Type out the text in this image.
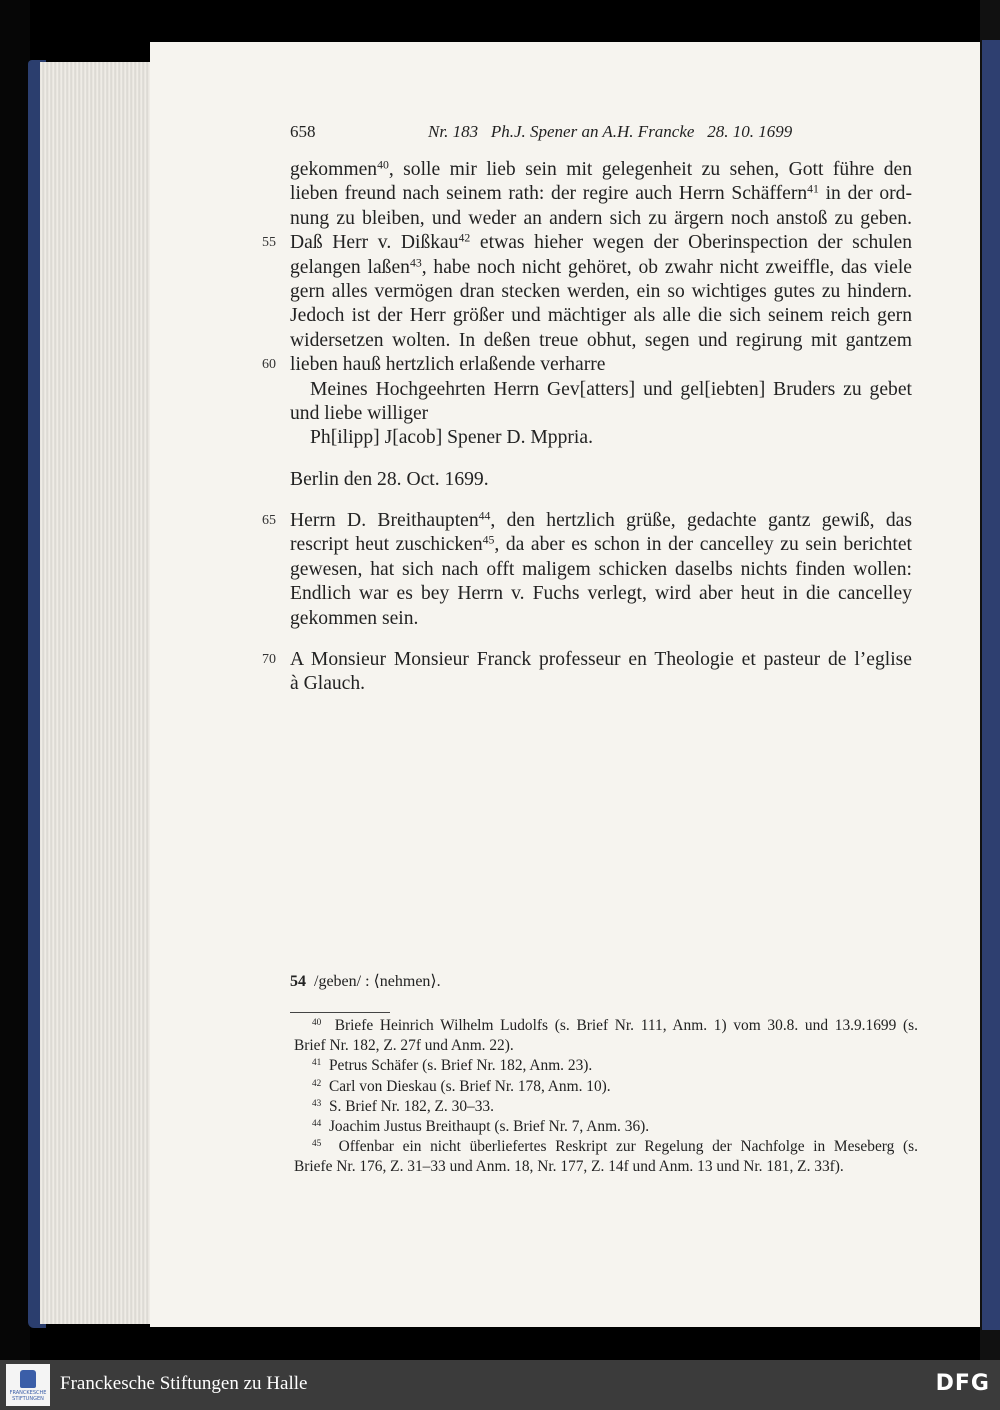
658	Nr. 183   Ph.J. Spener an A.H. Francke   28. 10. 1699
gekommen$^{40}$, solle mir lieb sein mit gelegenheit zu sehen, Gott führe den
lieben freund nach seinem rath: der regire auch Herrn Schäffern$^{41}$ in der ord-
nung zu bleiben, und weder an andern sich zu ärgern noch anstoß zu geben.
55 Daß Herr v. Dißkau$^{42}$ etwas hieher wegen der Oberinspection der schulen
gelangen laßen$^{43}$, habe noch nicht gehöret, ob zwahr nicht zweiffle, das viele
gern alles vermögen dran stecken werden, ein so wichtiges gutes zu hindern.
Jedoch ist der Herr größer und mächtiger als alle die sich seinem reich gern
widersetzen wolten. In deßen treue obhut, segen und regirung mit gantzem
60 lieben hauß hertzlich erlaßende verharre
Meines Hochgeehrten Herrn Gev[atters] und gel[iebten] Bruders zu gebet
und liebe williger
Ph[ilipp] J[acob] Spener D. Mppria.
Berlin den 28. Oct. 1699.
65 Herrn D. Breithaupten$^{44}$, den hertzlich grüße, gedachte gantz gewiß, das
rescript heut zuschicken$^{45}$, da aber es schon in der cancelley zu sein berichtet
gewesen, hat sich nach offt maligem schicken daselbs nichts finden wollen:
Endlich war es bey Herrn v. Fuchs verlegt, wird aber heut in die cancelley
gekommen sein.
70 A Monsieur Monsieur Franck professeur en Theologie et pasteur de l’eglise
à Glauch.
54 /geben/ : ⟨nehmen⟩.
$^{40}$ Briefe Heinrich Wilhelm Ludolfs (s. Brief Nr. 111, Anm. 1) vom 30.8. und 13.9.1699 (s.
Brief Nr. 182, Z. 27f und Anm. 22).
$^{41}$ Petrus Schäfer (s. Brief Nr. 182, Anm. 23).
$^{42}$ Carl von Dieskau (s. Brief Nr. 178, Anm. 10).
$^{43}$ S. Brief Nr. 182, Z. 30–33.
$^{44}$ Joachim Justus Breithaupt (s. Brief Nr. 7, Anm. 36).
$^{45}$ Offenbar ein nicht überliefertes Reskript zur Regelung der Nachfolge in Meseberg (s.
Briefe Nr. 176, Z. 31–33 und Anm. 18, Nr. 177, Z. 14f und Anm. 13 und Nr. 181, Z. 33f).
FRANCKESCHE STIFTUNGEN
Franckesche Stiftungen zu Halle	DFG
